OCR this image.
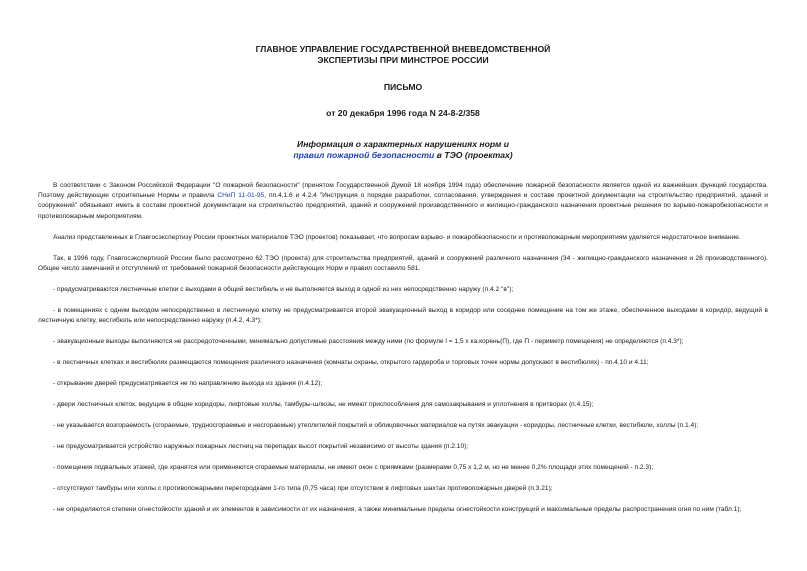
ГЛАВНОЕ УПРАВЛЕНИЕ ГОСУДАРСТВЕННОЙ ВНЕВЕДОМСТВЕННОЙ
ЭКСПЕРТИЗЫ ПРИ МИНСТРОЕ РОССИИ
ПИСЬМО
от 20 декабря 1996 года N 24-8-2/358
Информация о характерных нарушениях норм и
правил пожарной безопасности в ТЭО (проектах)

В соответствии с Законом Российской Федерации "О пожарной безопасности" (принятом Государственной Думой 18 ноября 1994 года) обеспечение пожарной безопасности является одной из важнейших функций государства. Поэтому действующие строительные Нормы и правила СНиП 11-01-95, пп.4.1.6 и 4.2.4 "Инструкция о порядке разработки, согласования, утверждения и составе проектной документации на строительство предприятий, зданий и сооружений" обязывают иметь в составе проектной документации на строительство предприятий, зданий и сооружений производственного и жилищно-гражданского назначения проектные решения по взрыво-пожаробезопасности и противопожарным мероприятиям.

Анализ представленных в Главгосэкспертизу России проектных материалов ТЭО (проектов) показывает, что вопросам взрыво- и пожаробезопасности и противопожарным мероприятиям уделяется недостаточное внимание.

Так, в 1996 году, Главгосэкспертизой России было рассмотрено 62 ТЭО (проекта) для строительства предприятий, зданий и сооружений различного назначения (34 - жилищно-гражданского назначения и 28 производственного). Общее число замечаний и отступлений от требований пожарной безопасности действующих Норм и правил составило 581.

- предусматриваются лестничные клетки с выходами в общий вестибюль и не выполняется выход в одной из них непосредственно наружу (п.4.2 "в");

- в помещениях с одним выходом непосредственно в лестничную клетку не предусматривается второй эвакуационный выход в коридор или соседнее помещение на том же этаже, обеспеченное выходами в коридор, ведущий в лестничную клетку, вестибюль или непосредственно наружу (п.4.2, 4.3*);

- эвакуационные выходы выполняются не рассредоточенными, минимально допустимые расстояния между ними (по формуле l = 1,5 x ка.корень(П), где П - периметр помещения) не определяются (п.4.3*);

- в лестничных клетках и вестибюлях размещаются помещения различного назначения (комнаты охраны, открытого гардероба и торговых точек нормы допускают в вестибюлях) - пп.4.10 и 4.11;

- открывание дверей предусматривается не по направлению выхода из здания (п.4.12);

- двери лестничных клеток, ведущие в общие коридоры, лифтовые холлы, тамбуры-шлюзы, не имеют приспособления для самозакрывания и уплотнения в притворах (п.4.15);

- не указывается возгораемость (сгораемые, трудносгораемые и несгораемые) утеплителей покрытий и облицовочных материалов на путях эвакуации - коридоры, лестничные клетки, вестибюли, холлы (п.1.4);

- не предусматривается устройство наружных пожарных лестниц на перепадах высот покрытий независимо от высоты здания (п.2.10);

- помещения подвальных этажей, где хранятся или применяются сгораемые материалы, не имеют окон с приямками (размерами 0,75 x 1,2 м, но не менее 0,2% площади этих помещений - п.2.3);

- отсутствуют тамбуры или холлы с противопожарными перегородками 1-го типа (0,75 часа) при отсутствии в лифтовых шахтах противопожарных дверей (п.3.21);

- не определяются степени огнестойкости зданий и их элементов в зависимости от их назначения, а также минимальные пределы огнестойкости конструкций и максимальные пределы распространения огня по ним (табл.1);
